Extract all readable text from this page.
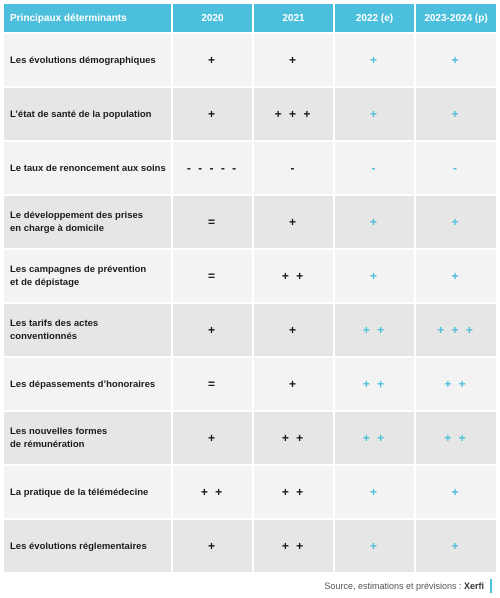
Principaux déterminants	2020	2021	2022 (e)	2023-2024 (p)

Les évolutions démographiques	+	+	+	+

L’état de santé de la population	+	+ + +	+	+

Le taux de renoncement aux soins	- - - - -	-	-	-

Le développement des prises
en charge à domicile	=	+	+	+

Les campagnes de prévention
et de dépistage	=	+ +	+	+

Les tarifs des actes conventionnés	+	+	+ +	+ + +

Les dépassements d’honoraires	=	+	+ +	+ +

Les nouvelles formes
de rémunération	+	+ +	+ +	+ +

La pratique de la télémédecine	+ +	+ +	+	+

Les évolutions réglementaires	+	+ +	+	+
Source, estimations et prévisions : Xerfi
